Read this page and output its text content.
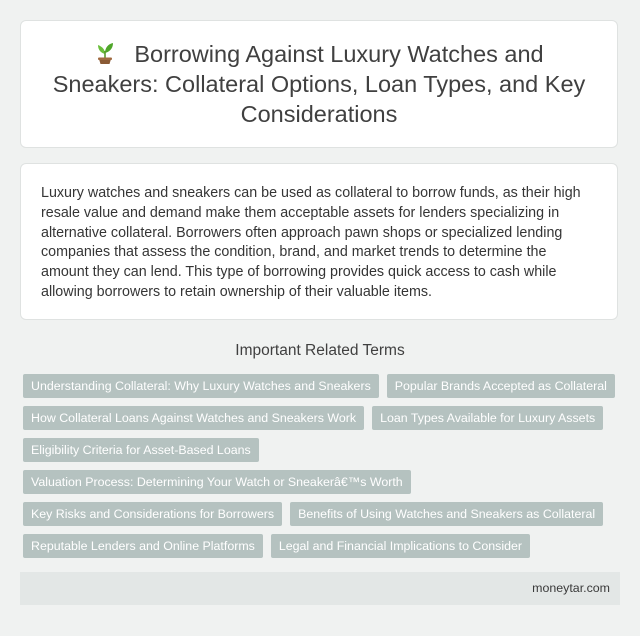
Borrowing Against Luxury Watches and Sneakers: Collateral Options, Loan Types, and Key Considerations

Luxury watches and sneakers can be used as collateral to borrow funds, as their high resale value and demand make them acceptable assets for lenders specializing in alternative collateral. Borrowers often approach pawn shops or specialized lending companies that assess the condition, brand, and market trends to determine the amount they can lend. This type of borrowing provides quick access to cash while allowing borrowers to retain ownership of their valuable items.

Important Related Terms
Understanding Collateral: Why Luxury Watches and Sneakers	Popular Brands Accepted as Collateral
How Collateral Loans Against Watches and Sneakers Work	Loan Types Available for Luxury Assets
Eligibility Criteria for Asset-Based Loans
Valuation Process: Determining Your Watch or Sneakerâ€™s Worth
Key Risks and Considerations for Borrowers	Benefits of Using Watches and Sneakers as Collateral
Reputable Lenders and Online Platforms	Legal and Financial Implications to Consider
moneytar.com
